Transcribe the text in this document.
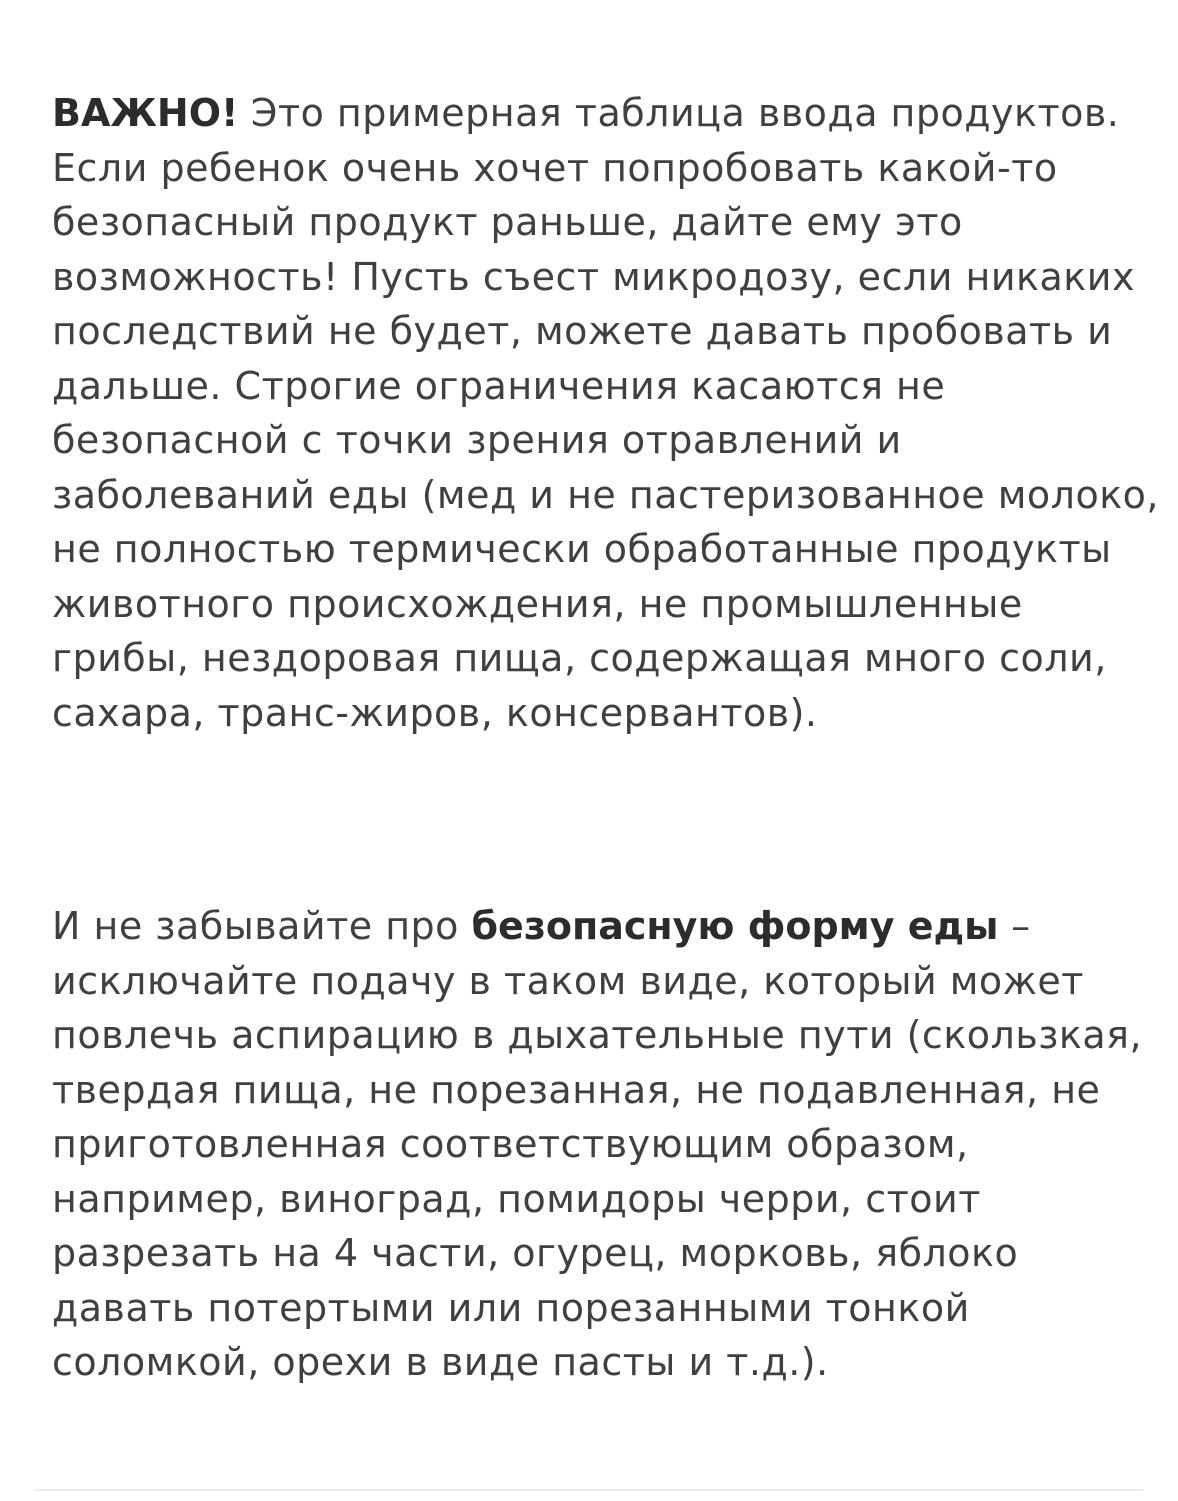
ВАЖНО! Это примерная таблица ввода продуктов. Если ребенок очень хочет попробовать какой-то безопасный продукт раньше, дайте ему это возможность! Пусть съест микродозу, если никаких последствий не будет, можете давать пробовать и дальше. Строгие ограничения касаются не безопасной с точки зрения отравлений и заболеваний еды (мед и не пастеризованное молоко, не полностью термически обработанные продукты животного происхождения, не промышленные грибы, нездоровая пища, содержащая много соли, сахара, транс-жиров, консервантов).

И не забывайте про безопасную форму еды – исключайте подачу в таком виде, который может повлечь аспирацию в дыхательные пути (скользкая, твердая пища, не порезанная, не подавленная, не приготовленная соответствующим образом, например, виноград, помидоры черри, стоит разрезать на 4 части, огурец, морковь, яблоко давать потертыми или порезанными тонкой соломкой, орехи в виде пасты и т.д.).
